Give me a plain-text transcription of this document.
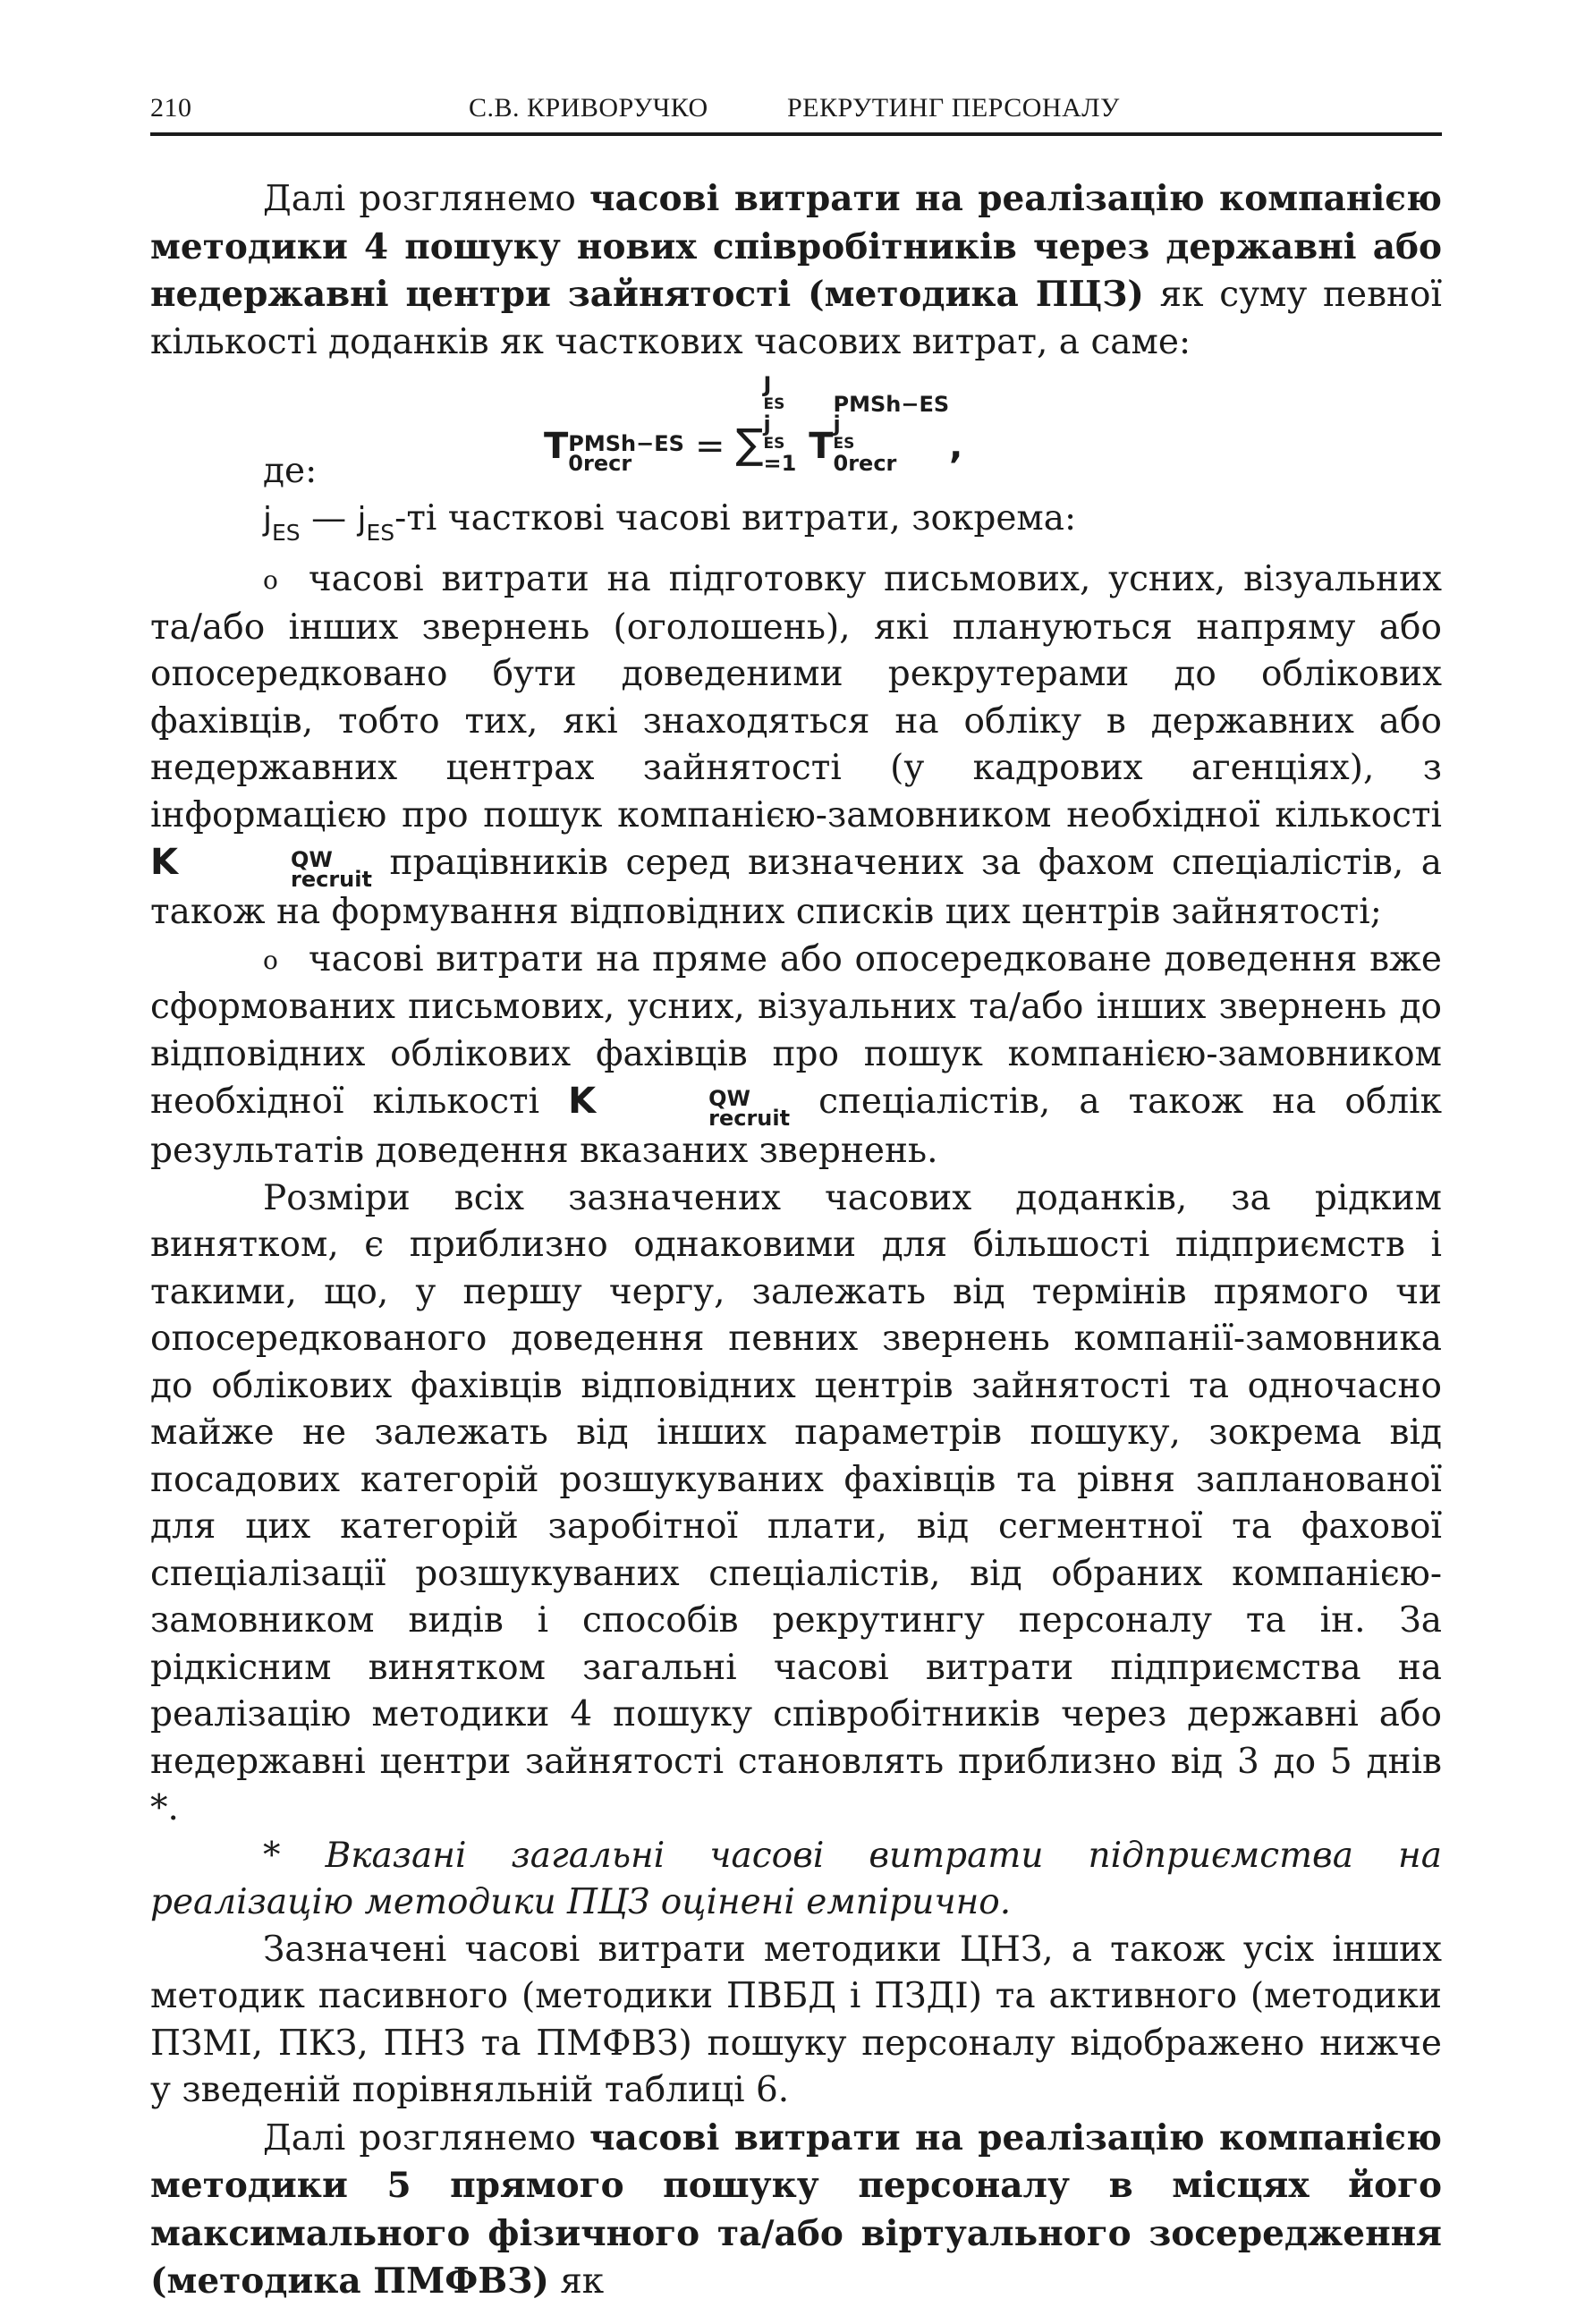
210	С.В. КРИВОРУЧКО	РЕКРУТИНГ ПЕРСОНАЛУ

Далі розглянемо часові витрати на реалізацію компанією методики 4 пошуку нових співробітників через державні або недержавні центри зайнятості (методика ПЦЗ) як суму певної кількості доданків як часткових часових витрат, а саме:

T PMSh−ES
0recr	= ∑
J
ES
j
ES
=1 T
PMSh−ES
j
ES
0recr	,

де:

$j_{ES}$ — $j_{ES}-ті$ часткові часові витрати, зокрема:

o часові витрати на підготовку письмових, усних, візуальних та/або інших звернень (оголошень), які плануються напряму або опосередковано бути доведеними рекрутерами до облікових фахівців, тобто тих, які знаходяться на обліку в державних або недержавних центрах зайнятості (у кадрових агенціях), з інформацією про пошук компанією-замовником необхідної кількості K	QW
recruit працівників серед визначених за фахом спеціалістів, а також на формування відповідних списків цих центрів зайнятості;

o часові витрати на пряме або опосередковане доведення вже сформованих письмових, усних, візуальних та/або інших звернень до відповідних облікових фахівців про пошук компанією-замовником необхідної кількості K	QW
recruit спеціалістів, а також на облік результатів доведення вказаних звернень.

Розміри всіх зазначених часових доданків, за рідким винятком, є приблизно однаковими для більшості підприємств і такими, що, у першу чергу, залежать від термінів прямого чи опосередкованого доведення певних звернень компанії-замовника до облікових фахівців відповідних центрів зайнятості та одночасно майже не залежать від інших параметрів пошуку, зокрема від посадових категорій розшукуваних фахівців та рівня запланованої для цих категорій заробітної плати, від сегментної та фахової спеціалізації розшукуваних спеціалістів, від обраних компанією-замовником видів і способів рекрутингу персоналу та ін. За рідкісним винятком загальні часові витрати підприємства на реалізацію методики 4 пошуку співробітників через державні або недержавні центри зайнятості становлять приблизно від 3 до 5 днів *.

* Вказані загальні часові витрати підприємства на реалізацію методики ПЦЗ оцінені емпірично.

Зазначені часові витрати методики ЦНЗ, а також усіх інших методик пасивного (методики ПВБД і ПЗДІ) та активного (методики ПЗМІ, ПКЗ, ПНЗ та ПМФВЗ) пошуку персоналу відображено нижче у зведеній порівняльній таблиці 6.

Далі розглянемо часові витрати на реалізацію компанією методики 5 прямого пошуку персоналу в місцях його максимального фізичного та/або віртуального зосередження (методика ПМФВЗ) як
